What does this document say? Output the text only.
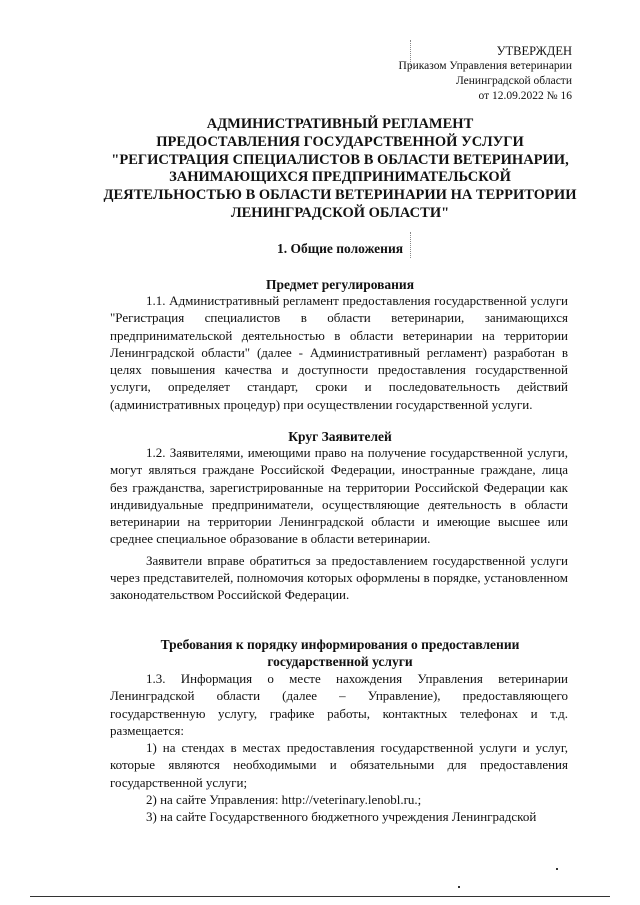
УТВЕРЖДЕН
Приказом Управления ветеринарии
Ленинградской области
от 12.09.2022 № 16
АДМИНИСТРАТИВНЫЙ РЕГЛАМЕНТ
ПРЕДОСТАВЛЕНИЯ ГОСУДАРСТВЕННОЙ УСЛУГИ
"РЕГИСТРАЦИЯ СПЕЦИАЛИСТОВ В ОБЛАСТИ ВЕТЕРИНАРИИ,
ЗАНИМАЮЩИХСЯ ПРЕДПРИНИМАТЕЛЬСКОЙ
ДЕЯТЕЛЬНОСТЬЮ В ОБЛАСТИ ВЕТЕРИНАРИИ НА ТЕРРИТОРИИ
ЛЕНИНГРАДСКОЙ ОБЛАСТИ"
1. Общие положения
Предмет регулирования

1.1. Административный регламент предоставления государственной услуги "Регистрация специалистов в области ветеринарии, занимающихся предпринимательской деятельностью в области ветеринарии на территории Ленинградской области" (далее - Административный регламент) разработан в целях повышения качества и доступности предоставления государственной услуги, определяет стандарт, сроки и последовательность действий (административных процедур) при осуществлении государственной услуги.

Круг Заявителей

1.2. Заявителями, имеющими право на получение государственной услуги, могут являться граждане Российской Федерации, иностранные граждане, лица без гражданства, зарегистрированные на территории Российской Федерации как индивидуальные предприниматели, осуществляющие деятельность в области ветеринарии на территории Ленинградской области и имеющие высшее или среднее специальное образование в области ветеринарии.

Заявители вправе обратиться за предоставлением государственной услуги через представителей, полномочия которых оформлены в порядке, установленном законодательством Российской Федерации.

Требования к порядку информирования о предоставлении
государственной услуги

1.3. Информация о месте нахождения Управления ветеринарии Ленинградской области (далее – Управление), предоставляющего государственную услугу, графике работы, контактных телефонах и т.д. размещается:

1) на стендах в местах предоставления государственной услуги и услуг, которые являются необходимыми и обязательными для предоставления государственной услуги;

2) на сайте Управления: http://veterinary.lenobl.ru.;

3) на сайте Государственного бюджетного учреждения Ленинградской
